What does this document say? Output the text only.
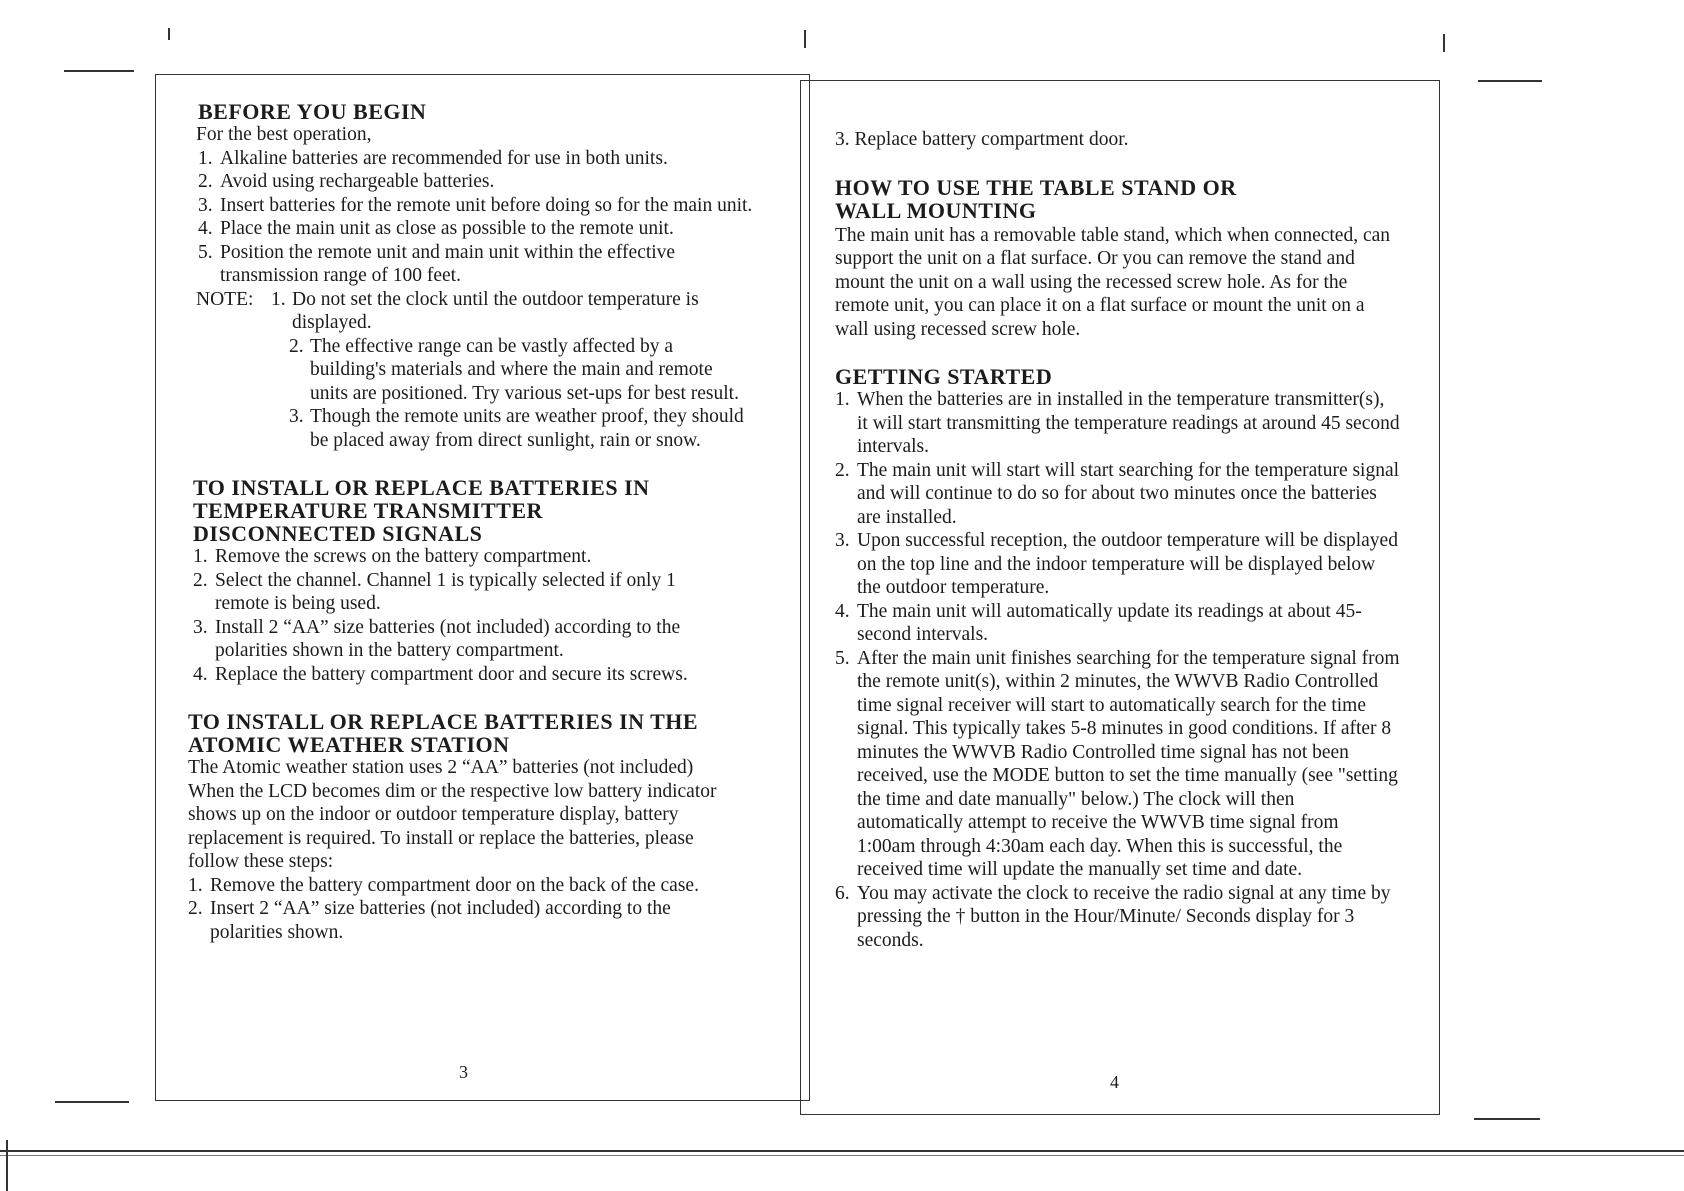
BEFORE YOU BEGIN

For the best operation,

1. Alkaline batteries are recommended for use in both units.
2. Avoid using rechargeable batteries.
3. Insert batteries for the remote unit before doing so for the main unit.
4. Place the main unit as close as possible to the remote unit.
5. Position the remote unit and main unit within the effective transmission range of 100 feet.
NOTE: 1. Do not set the clock until the outdoor temperature is displayed.
2. The effective range can be vastly affected by a building's materials and where the main and remote units are positioned. Try various set-ups for best result.
3. Though the remote units are weather proof, they should be placed away from direct sunlight, rain or snow.
TO INSTALL OR REPLACE BATTERIES IN TEMPERATURE TRANSMITTER DISCONNECTED SIGNALS
1. Remove the screws on the battery compartment.
2. Select the channel. Channel 1 is typically selected if only 1 remote is being used.
3. Install 2 “AA” size batteries (not included) according to the polarities shown in the battery compartment.
4. Replace the battery compartment door and secure its screws.
TO INSTALL OR REPLACE BATTERIES IN THE ATOMIC WEATHER STATION

The Atomic weather station uses 2 “AA” batteries (not included) When the LCD becomes dim or the respective low battery indicator shows up on the indoor or outdoor temperature display, battery replacement is required. To install or replace the batteries, please follow these steps:

1. Remove the battery compartment door on the back of the case.
2. Insert 2 “AA” size batteries (not included) according to the polarities shown.
3

3. Replace battery compartment door.

HOW TO USE THE TABLE STAND OR WALL MOUNTING

The main unit has a removable table stand, which when connected, can support the unit on a flat surface. Or you can remove the stand and mount the unit on a wall using the recessed screw hole. As for the remote unit, you can place it on a flat surface or mount the unit on a wall using recessed screw hole.

GETTING STARTED
1. When the batteries are in installed in the temperature transmitter(s), it will start transmitting the temperature readings at around 45 second intervals.
2. The main unit will start will start searching for the temperature signal and will continue to do so for about two minutes once the batteries are installed.
3. Upon successful reception, the outdoor temperature will be displayed on the top line and the indoor temperature will be displayed below the outdoor temperature.
4. The main unit will automatically update its readings at about 45-second intervals.
5. After the main unit finishes searching for the temperature signal from the remote unit(s), within 2 minutes, the WWVB Radio Controlled time signal receiver will start to automatically search for the time signal. This typically takes 5-8 minutes in good conditions. If after 8 minutes the WWVB Radio Controlled time signal has not been received, use the MODE button to set the time manually (see "setting the time and date manually" below.) The clock will then automatically attempt to receive the WWVB time signal from 1:00am through 4:30am each day. When this is successful, the received time will update the manually set time and date.
6. You may activate the clock to receive the radio signal at any time by pressing the † button in the Hour/Minute/ Seconds display for 3 seconds.
4
